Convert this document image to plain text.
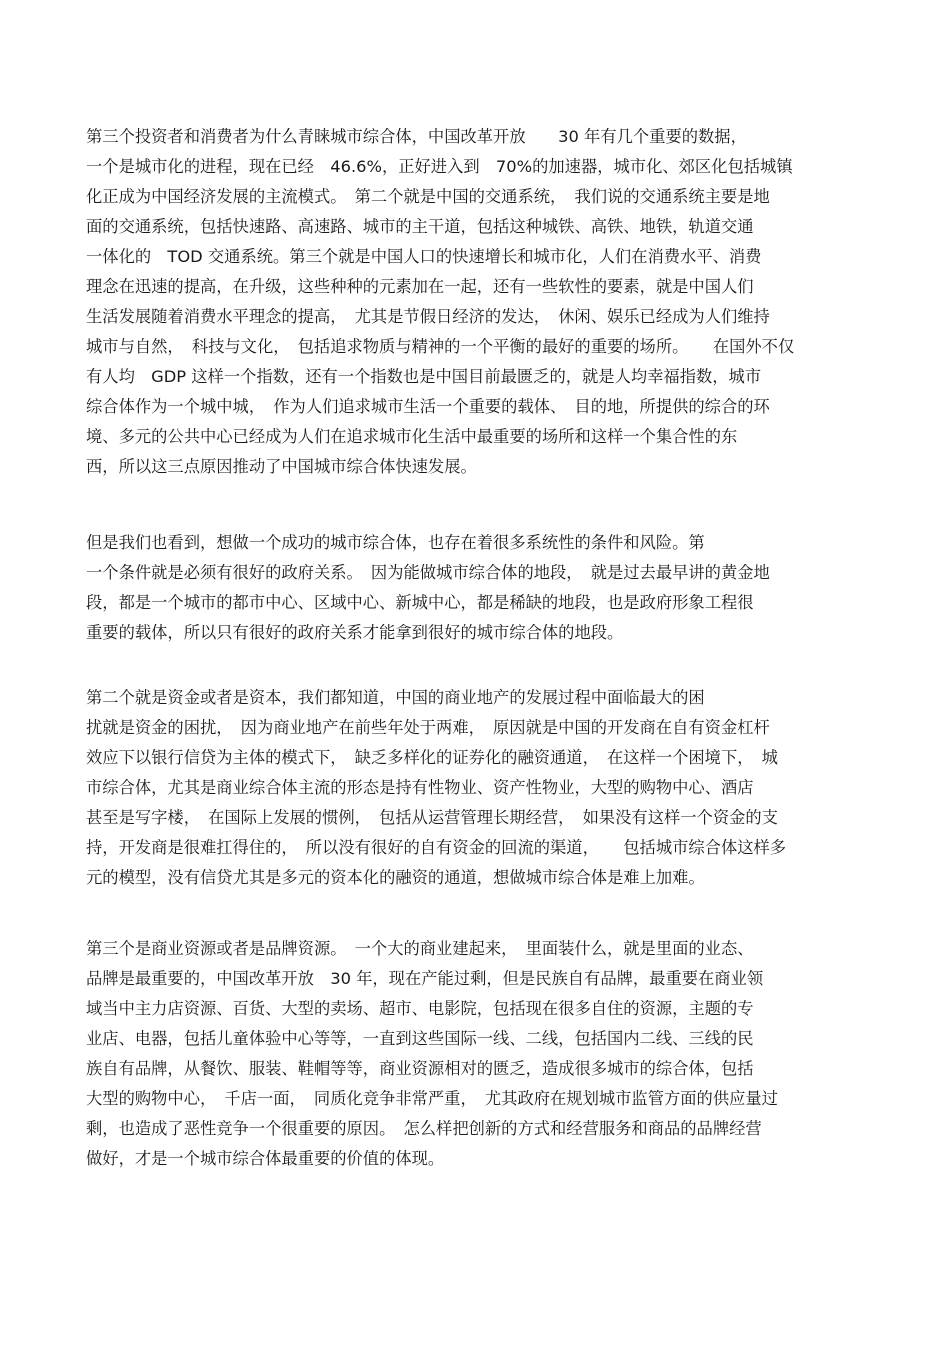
第三个投资者和消费者为什么青睐城市综合体，中国改革开放　　30 年有几个重要的数据，
一个是城市化的进程，现在已经　46.6%，正好进入到　70%的加速器，城市化、郊区化包括城镇
化正成为中国经济发展的主流模式。　第二个就是中国的交通系统，　我们说的交通系统主要是地
面的交通系统，包括快速路、高速路、城市的主干道，包括这种城铁、高铁、地铁，轨道交通
一体化的　TOD 交通系统。第三个就是中国人口的快速增长和城市化，人们在消费水平、消费
理念在迅速的提高，在升级，这些种种的元素加在一起，还有一些软性的要素，就是中国人们
生活发展随着消费水平理念的提高，　尤其是节假日经济的发达，　休闲、娱乐已经成为人们维持
城市与自然，　科技与文化，　包括追求物质与精神的一个平衡的最好的重要的场所。　　在国外不仅
有人均　GDP 这样一个指数，还有一个指数也是中国目前最匮乏的，就是人均幸福指数，城市
综合体作为一个城中城，　作为人们追求城市生活一个重要的载体、　目的地，所提供的综合的环
境、多元的公共中心已经成为人们在追求城市化生活中最重要的场所和这样一个集合性的东
西，所以这三点原因推动了中国城市综合体快速发展。
但是我们也看到，想做一个成功的城市综合体，也存在着很多系统性的条件和风险。第
一个条件就是必须有很好的政府关系。　因为能做城市综合体的地段，　就是过去最早讲的黄金地
段，都是一个城市的都市中心、区域中心、新城中心，都是稀缺的地段，也是政府形象工程很
重要的载体，所以只有很好的政府关系才能拿到很好的城市综合体的地段。
第二个就是资金或者是资本，我们都知道，中国的商业地产的发展过程中面临最大的困
扰就是资金的困扰，　因为商业地产在前些年处于两难，　原因就是中国的开发商在自有资金杠杆
效应下以银行信贷为主体的模式下，　缺乏多样化的证券化的融资通道，　在这样一个困境下，　城
市综合体，尤其是商业综合体主流的形态是持有性物业、资产性物业，大型的购物中心、酒店
甚至是写字楼，　在国际上发展的惯例，　包括从运营管理长期经营，　如果没有这样一个资金的支
持，开发商是很难扛得住的，　所以没有很好的自有资金的回流的渠道，　　包括城市综合体这样多
元的模型，没有信贷尤其是多元的资本化的融资的通道，想做城市综合体是难上加难。
第三个是商业资源或者是品牌资源。　一个大的商业建起来，　里面装什么，就是里面的业态、
品牌是最重要的，中国改革开放　30 年，现在产能过剩，但是民族自有品牌，最重要在商业领
域当中主力店资源、百货、大型的卖场、超市、电影院，包括现在很多自住的资源，主题的专
业店、电器，包括儿童体验中心等等，一直到这些国际一线、二线，包括国内二线、三线的民
族自有品牌，从餐饮、服装、鞋帽等等，商业资源相对的匮乏，造成很多城市的综合体，包括
大型的购物中心，　千店一面，　同质化竞争非常严重，　尤其政府在规划城市监管方面的供应量过
剩，也造成了恶性竞争一个很重要的原因。　怎么样把创新的方式和经营服务和商品的品牌经营
做好，才是一个城市综合体最重要的价值的体现。
